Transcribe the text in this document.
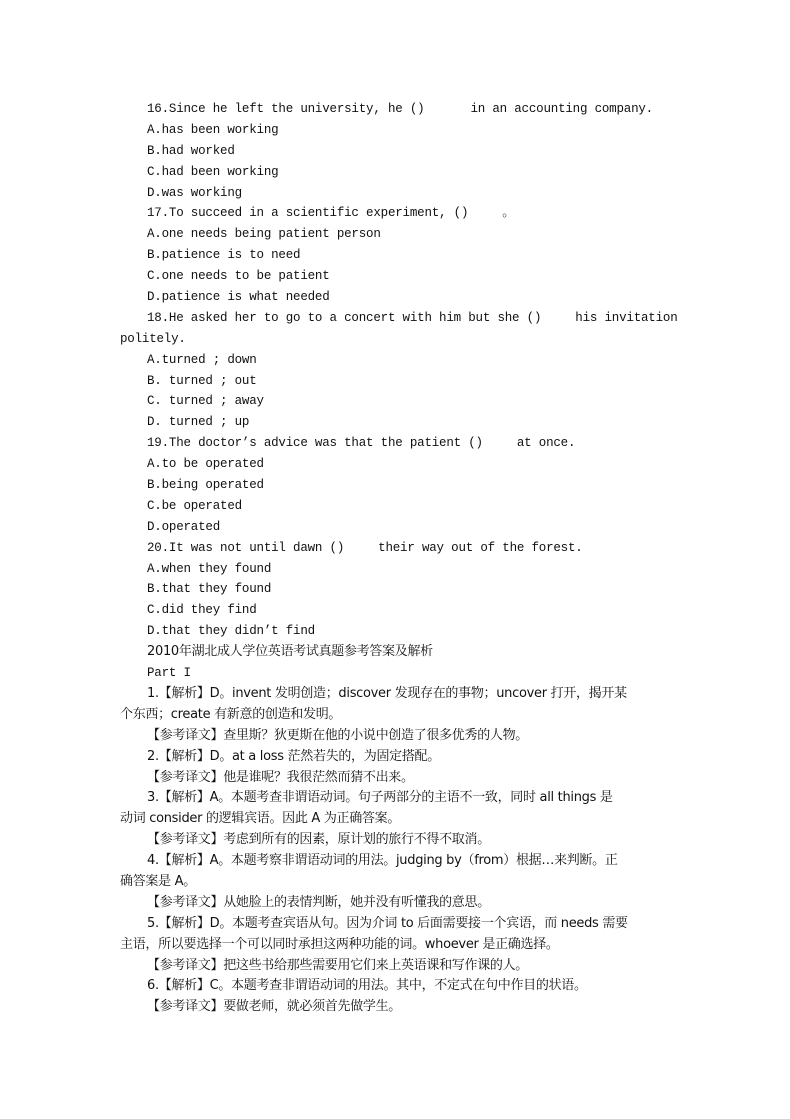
16.Since he left the university, he ()	in an accounting company.
A.has been working
B.had worked
C.had been working
D.was working
17.To succeed in a scientific experiment, ()	。
A.one needs being patient person
B.patience is to need
C.one needs to be patient
D.patience is what needed
18.He asked her to go to a concert with him but she ()	his invitation
politely.
A.turned ; down
B. turned ; out
C. turned ; away
D. turned ; up
19.The doctor’s advice was that the patient ()	at once.
A.to be operated
B.being operated
C.be operated
D.operated
20.It was not until dawn ()	their way out of the forest.
A.when they found
B.that they found
C.did they find
D.that they didn’t find
2010年湖北成人学位英语考试真题参考答案及解析
Part I
1.【解析】D。invent 发明创造；discover 发现存在的事物；uncover 打开，揭开某
个东西；create 有新意的创造和发明。
【参考译文】查里斯？狄更斯在他的小说中创造了很多优秀的人物。
2.【解析】D。at a loss 茫然若失的，为固定搭配。
【参考译文】他是谁呢？我很茫然而猜不出来。
3.【解析】A。本题考查非谓语动词。句子两部分的主语不一致，同时 all things 是
动词 consider 的逻辑宾语。因此 A 为正确答案。
【参考译文】考虑到所有的因素，原计划的旅行不得不取消。
4.【解析】A。本题考察非谓语动词的用法。judging by（from）根据…来判断。正
确答案是 A。
【参考译文】从她脸上的表情判断，她并没有听懂我的意思。
5.【解析】D。本题考查宾语从句。因为介词 to 后面需要接一个宾语，而 needs 需要
主语，所以要选择一个可以同时承担这两种功能的词。whoever 是正确选择。
【参考译文】把这些书给那些需要用它们来上英语课和写作课的人。
6.【解析】C。本题考查非谓语动词的用法。其中，不定式在句中作目的状语。
【参考译文】要做老师，就必须首先做学生。
